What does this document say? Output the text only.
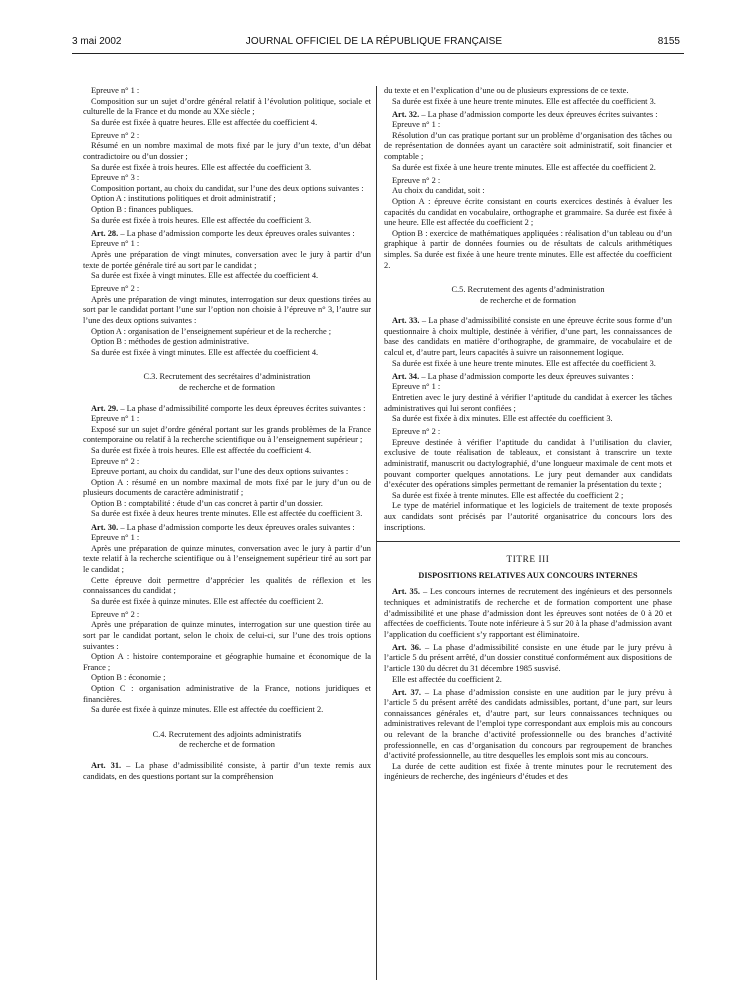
JOURNAL OFFICIEL DE LA RÉPUBLIQUE FRANÇAISE
3 mai 2002	8155

Epreuve n° 1 :

Composition sur un sujet d’ordre général relatif à l’évolution politique, sociale et culturelle de la France et du monde au XXe siècle ;

Sa durée est fixée à quatre heures. Elle est affectée du coefficient 4.

Epreuve n° 2 :

Résumé en un nombre maximal de mots fixé par le jury d’un texte, d’un débat contradictoire ou d’un dossier ;

Sa durée est fixée à trois heures. Elle est affectée du coefficient 3.

Epreuve n° 3 :

Composition portant, au choix du candidat, sur l’une des deux options suivantes :

Option A : institutions politiques et droit administratif ;

Option B : finances publiques.

Sa durée est fixée à trois heures. Elle est affectée du coefficient 3.

Art. 28. – La phase d’admission comporte les deux épreuves orales suivantes :

Epreuve n° 1 :

Après une préparation de vingt minutes, conversation avec le jury à partir d’un texte de portée générale tiré au sort par le candidat ;

Sa durée est fixée à vingt minutes. Elle est affectée du coefficient 4.

Epreuve n° 2 :

Après une préparation de vingt minutes, interrogation sur deux questions tirées au sort par le candidat portant l’une sur l’option non choisie à l’épreuve n° 3, l’autre sur l’une des deux options suivantes :

Option A : organisation de l’enseignement supérieur et de la recherche ;

Option B : méthodes de gestion administrative.

Sa durée est fixée à vingt minutes. Elle est affectée du coefficient 4.

C.3. Recrutement des secrétaires d’administration
de recherche et de formation

Art. 29. – La phase d’admissibilité comporte les deux épreuves écrites suivantes :

Epreuve n° 1 :

Exposé sur un sujet d’ordre général portant sur les grands problèmes de la France contemporaine ou relatif à la recherche scientifique ou à l’enseignement supérieur ;

Sa durée est fixée à trois heures. Elle est affectée du coefficient 4.

Epreuve n° 2 :

Epreuve portant, au choix du candidat, sur l’une des deux options suivantes :

Option A : résumé en un nombre maximal de mots fixé par le jury d’un ou de plusieurs documents de caractère administratif ;

Option B : comptabilité : étude d’un cas concret à partir d’un dossier.

Sa durée est fixée à deux heures trente minutes. Elle est affectée du coefficient 3.

Art. 30. – La phase d’admission comporte les deux épreuves orales suivantes :

Epreuve n° 1 :

Après une préparation de quinze minutes, conversation avec le jury à partir d’un texte relatif à la recherche scientifique ou à l’enseignement supérieur tiré au sort par le candidat ;

Cette épreuve doit permettre d’apprécier les qualités de réflexion et les connaissances du candidat ;

Sa durée est fixée à quinze minutes. Elle est affectée du coefficient 2.

Epreuve n° 2 :

Après une préparation de quinze minutes, interrogation sur une question tirée au sort par le candidat portant, selon le choix de celui-ci, sur l’une des trois options suivantes :

Option A : histoire contemporaine et géographie humaine et économique de la France ;

Option B : économie ;

Option C : organisation administrative de la France, notions juridiques et financières.

Sa durée est fixée à quinze minutes. Elle est affectée du coefficient 2.

C.4. Recrutement des adjoints administratifs
de recherche et de formation

Art. 31. – La phase d’admissibilité consiste, à partir d’un texte remis aux candidats, en des questions portant sur la compréhension

du texte et en l’explication d’une ou de plusieurs expressions de ce texte.

Sa durée est fixée à une heure trente minutes. Elle est affectée du coefficient 3.

Art. 32. – La phase d’admission comporte les deux épreuves écrites suivantes :

Epreuve n° 1 :

Résolution d’un cas pratique portant sur un problème d’organisation des tâches ou de représentation de données ayant un caractère soit administratif, soit financier et comptable ;

Sa durée est fixée à une heure trente minutes. Elle est affectée du coefficient 2.

Epreuve n° 2 :

Au choix du candidat, soit :

Option A : épreuve écrite consistant en courts exercices destinés à évaluer les capacités du candidat en vocabulaire, orthographe et grammaire. Sa durée est fixée à une heure. Elle est affectée du coefficient 2 ;

Option B : exercice de mathématiques appliquées : réalisation d’un tableau ou d’un graphique à partir de données fournies ou de résultats de calculs arithmétiques simples. Sa durée est fixée à une heure trente minutes. Elle est affectée du coefficient 2.

C.5. Recrutement des agents d’administration
de recherche et de formation

Art. 33. – La phase d’admissibilité consiste en une épreuve écrite sous forme d’un questionnaire à choix multiple, destinée à vérifier, d’une part, les connaissances de base des candidats en matière d’orthographe, de grammaire, de vocabulaire et de calcul et, d’autre part, leurs capacités à suivre un raisonnement logique.

Sa durée est fixée à une heure trente minutes. Elle est affectée du coefficient 3.

Art. 34. – La phase d’admission comporte les deux épreuves suivantes :

Epreuve n° 1 :

Entretien avec le jury destiné à vérifier l’aptitude du candidat à exercer les tâches administratives qui lui seront confiées ;

Sa durée est fixée à dix minutes. Elle est affectée du coefficient 3.

Epreuve n° 2 :

Epreuve destinée à vérifier l’aptitude du candidat à l’utilisation du clavier, exclusive de toute réalisation de tableaux, et consistant à transcrire un texte administratif, manuscrit ou dactylographié, d’une longueur maximale de cent mots et pouvant comporter quelques annotations. Le jury peut demander aux candidats d’exécuter des opérations simples permettant de remanier la présentation du texte ;

Sa durée est fixée à trente minutes. Elle est affectée du coefficient 2 ;

Le type de matériel informatique et les logiciels de traitement de texte proposés aux candidats sont précisés par l’autorité organisatrice du concours lors des inscriptions.

TITRE III

DISPOSITIONS RELATIVES AUX CONCOURS INTERNES

Art. 35. – Les concours internes de recrutement des ingénieurs et des personnels techniques et administratifs de recherche et de formation comportent une phase d’admissibilité et une phase d’admission dont les épreuves sont notées de 0 à 20 et affectées de coefficients. Toute note inférieure à 5 sur 20 à la phase d’admission avant l’application du coefficient s’y rapportant est éliminatoire.

Art. 36. – La phase d’admissibilité consiste en une étude par le jury prévu à l’article 5 du présent arrêté, d’un dossier constitué conformément aux dispositions de l’article 130 du décret du 31 décembre 1985 susvisé.

Elle est affectée du coefficient 2.

Art. 37. – La phase d’admission consiste en une audition par le jury prévu à l’article 5 du présent arrêté des candidats admissibles, portant, d’une part, sur leurs connaissances générales et, d’autre part, sur leurs connaissances techniques ou administratives relevant de l’emploi type correspondant aux emplois mis au concours ou relevant de la branche d’activité professionnelle ou des branches d’activité professionnelle, en cas d’organisation du concours par regroupement de branches d’activité professionnelle, au titre desquelles les emplois sont mis au concours.

La durée de cette audition est fixée à trente minutes pour le recrutement des ingénieurs de recherche, des ingénieurs d’études et des
